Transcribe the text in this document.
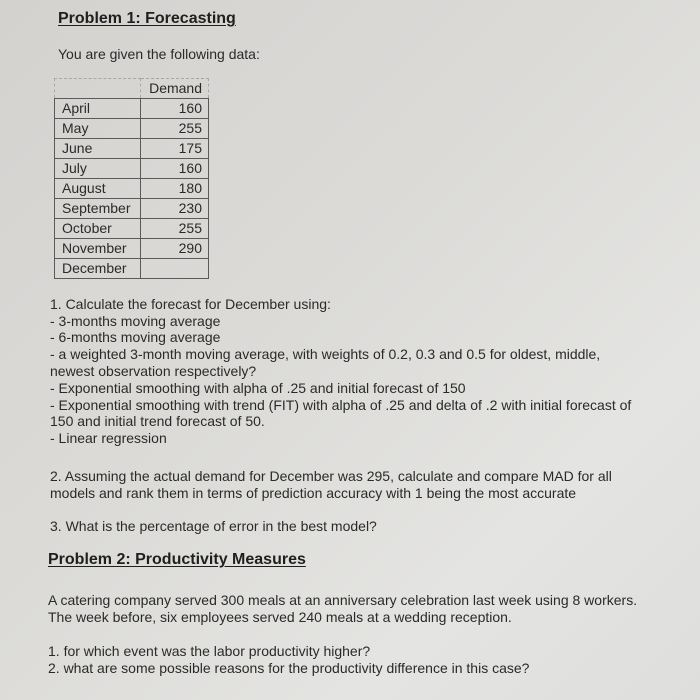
Problem 1: Forecasting
You are given the following data:
	Demand
April	160
May	255
June	175
July	160
August	180
September	230
October	255
November	290
December	
1. Calculate the forecast for December using:
- 3-months moving average
- 6-months moving average
- a weighted 3-month moving average, with weights of 0.2, 0.3 and 0.5 for oldest, middle,
newest observation respectively?
- Exponential smoothing with alpha of .25 and initial forecast of 150
- Exponential smoothing with trend (FIT) with alpha of .25 and delta of .2 with initial forecast of
150 and initial trend forecast of 50.
- Linear regression
2. Assuming the actual demand for December was 295, calculate and compare MAD for all
models and rank them in terms of prediction accuracy with 1 being the most accurate
3. What is the percentage of error in the best model?
Problem 2: Productivity Measures
A catering company served 300 meals at an anniversary celebration last week using 8 workers.
The week before, six employees served 240 meals at a wedding reception.
1. for which event was the labor productivity higher?
2. what are some possible reasons for the productivity difference in this case?
